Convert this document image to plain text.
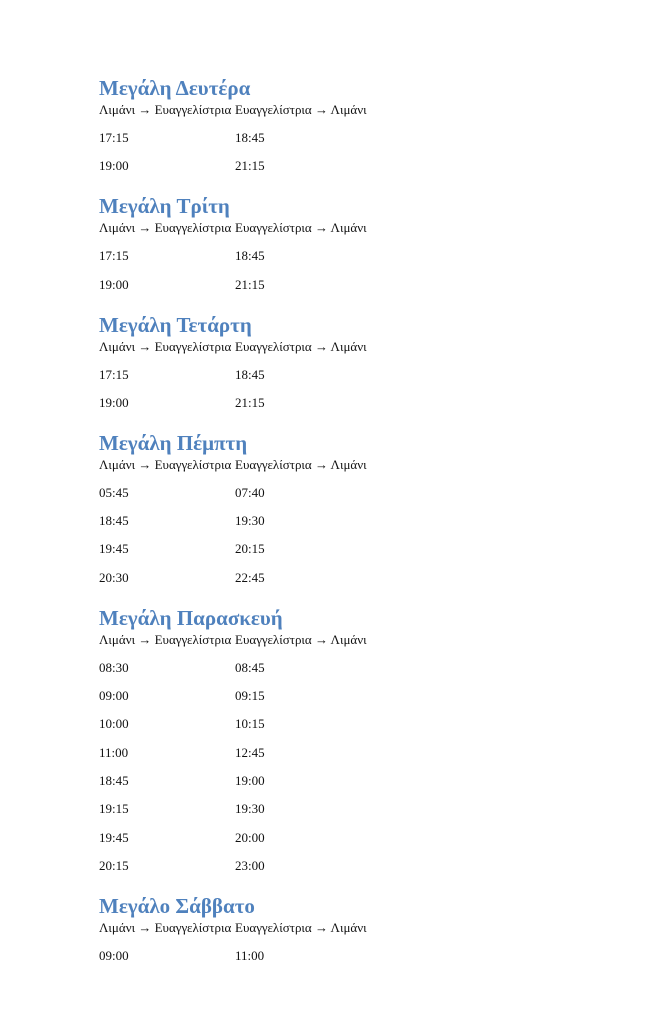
Μεγάλη Δευτέρα
Λιμάνι → Ευαγγελίστρια Ευαγγελίστρια → Λιμάνι
17:15	18:45
19:00	21:15
Μεγάλη Τρίτη
Λιμάνι → Ευαγγελίστρια Ευαγγελίστρια → Λιμάνι
17:15	18:45
19:00	21:15
Μεγάλη Τετάρτη
Λιμάνι → Ευαγγελίστρια Ευαγγελίστρια → Λιμάνι
17:15	18:45
19:00	21:15
Μεγάλη Πέμπτη
Λιμάνι → Ευαγγελίστρια Ευαγγελίστρια → Λιμάνι
05:45	07:40
18:45	19:30
19:45	20:15
20:30	22:45
Μεγάλη Παρασκευή
Λιμάνι → Ευαγγελίστρια Ευαγγελίστρια → Λιμάνι
08:30	08:45
09:00	09:15
10:00	10:15
11:00	12:45
18:45	19:00
19:15	19:30
19:45	20:00
20:15	23:00
Μεγάλο Σάββατο
Λιμάνι → Ευαγγελίστρια Ευαγγελίστρια → Λιμάνι
09:00	11:00
